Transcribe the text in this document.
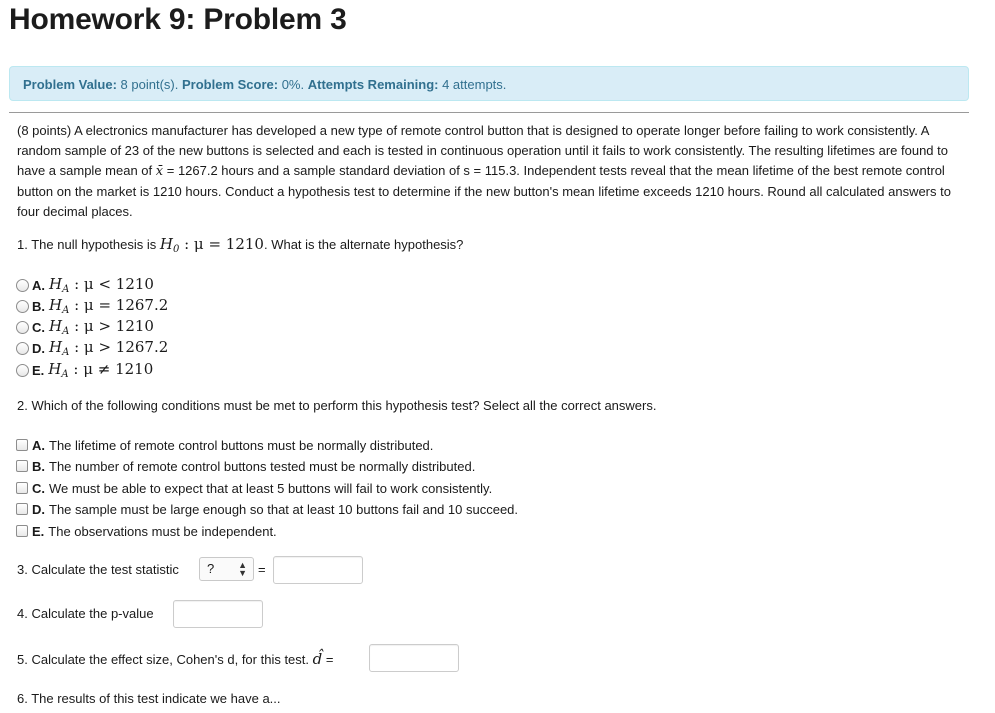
Homework 9: Problem 3
Problem Value: 8 point(s). Problem Score: 0%. Attempts Remaining: 4 attempts.
(8 points) A electronics manufacturer has developed a new type of remote control button that is designed to operate longer before failing to work consistently. A random sample of 23 of the new buttons is selected and each is tested in continuous operation until it fails to work consistently. The resulting lifetimes are found to have a sample mean of x̄ = 1267.2 hours and a sample standard deviation of s = 115.3. Independent tests reveal that the mean lifetime of the best remote control button on the market is 1210 hours. Conduct a hypothesis test to determine if the new button's mean lifetime exceeds 1210 hours. Round all calculated answers to four decimal places.
1. The null hypothesis is $H_0$ : μ = 1210. What is the alternate hypothesis?
A. $H_A$ : μ < 1210
B. $H_A$ : μ = 1267.2
C. $H_A$ : μ > 1210
D. $H_A$ : μ > 1267.2
E. $H_A$ : μ ≠ 1210
2. Which of the following conditions must be met to perform this hypothesis test? Select all the correct answers.
A. The lifetime of remote control buttons must be normally distributed.
B. The number of remote control buttons tested must be normally distributed.
C. We must be able to expect that at least 5 buttons will fail to work consistently.
D. The sample must be large enough so that at least 10 buttons fail and 10 succeed.
E. The observations must be independent.
3. Calculate the test statistic ?	▲
▼ =
4. Calculate the p-value
5. Calculate the effect size, Cohen's d, for this test. d̂ =
6. The results of this test indicate we have a...
